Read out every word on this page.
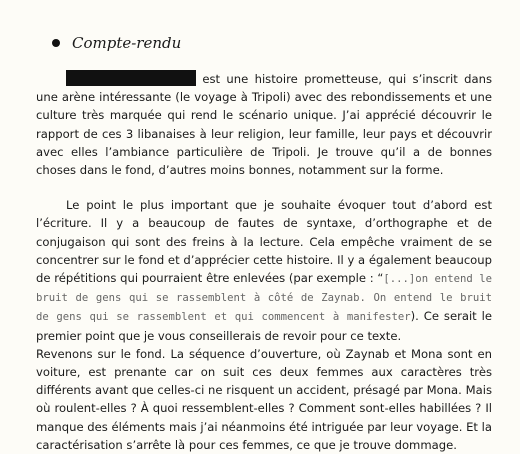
Compte-rendu

est une histoire prometteuse, qui s’inscrit dans une arène intéressante (le voyage à Tripoli) avec des rebondissements et une culture très marquée qui rend le scénario unique. J’ai apprécié découvrir le rapport de ces 3 libanaises à leur religion, leur famille, leur pays et découvrir avec elles l’ambiance particulière de Tripoli. Je trouve qu’il a de bonnes choses dans le fond, d’autres moins bonnes, notamment sur la forme.

Le point le plus important que je souhaite évoquer tout d’abord est l’écriture. Il y a beaucoup de fautes de syntaxe, d’orthographe et de conjugaison qui sont des freins à la lecture. Cela empêche vraiment de se concentrer sur le fond et d’apprécier cette histoire. Il y a également beaucoup de répétitions qui pourraient être enlevées (par exemple : “[...]on entend le bruit de gens qui se rassemblent à côté de Zaynab. On entend le bruit de gens qui se rassemblent et qui commencent à manifester). Ce serait le premier point que je vous conseillerais de revoir pour ce texte.

Revenons sur le fond. La séquence d’ouverture, où Zaynab et Mona sont en voiture, est prenante car on suit ces deux femmes aux caractères très différents avant que celles-ci ne risquent un accident, présagé par Mona. Mais où roulent-elles ? À quoi ressemblent-elles ? Comment sont-elles habillées ? Il manque des éléments mais j’ai néanmoins été intriguée par leur voyage. Et la caractérisation s’arrête là pour ces femmes, ce que je trouve dommage.
